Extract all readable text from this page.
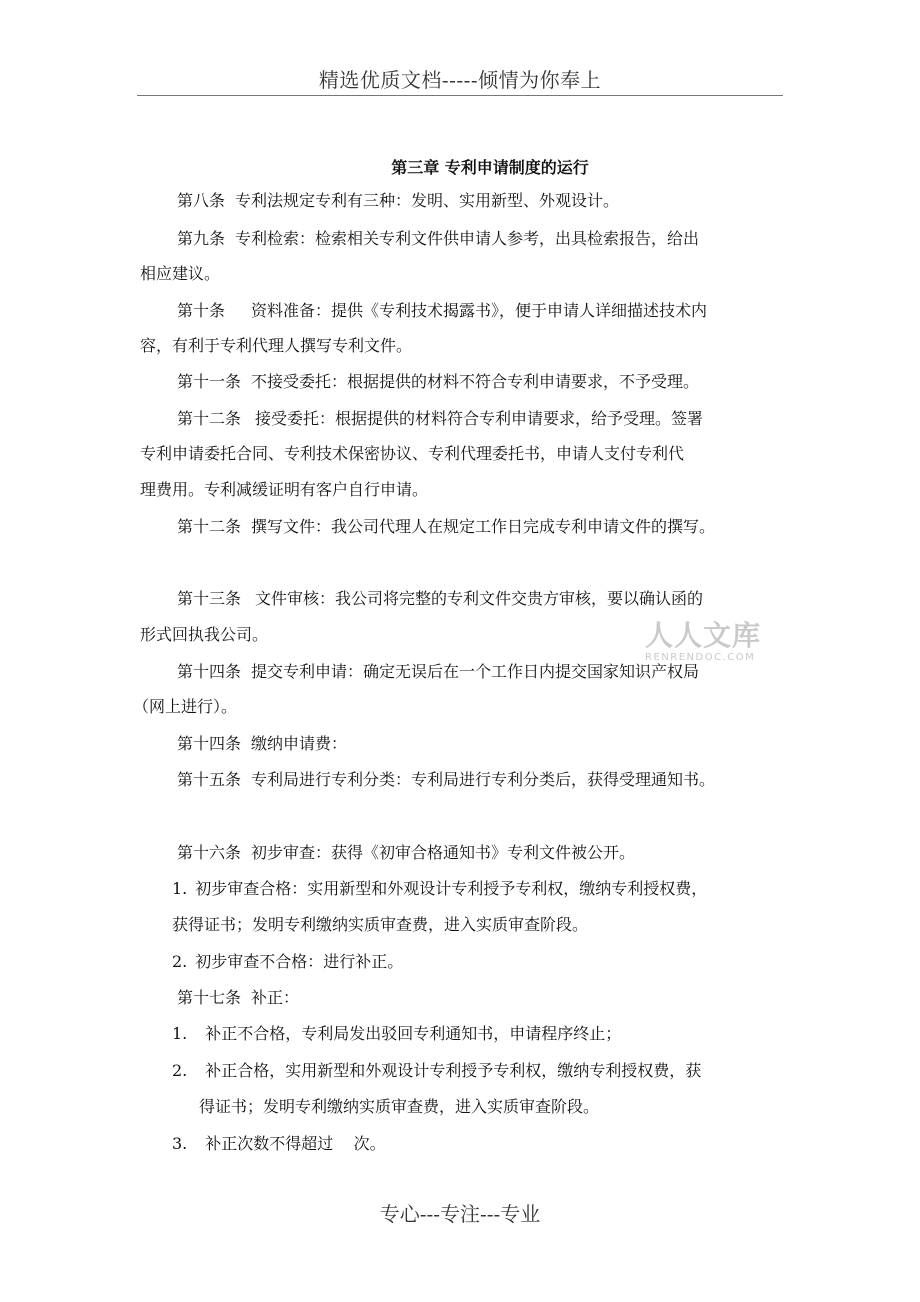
精选优质文档-----倾情为你奉上
第三章 专利申请制度的运行
第八条 专利法规定专利有三种：发明、实用新型、外观设计。
第九条 专利检索：检索相关专利文件供申请人参考，出具检索报告，给出
相应建议。
第十条 资料准备：提供《专利技术揭露书》，便于申请人详细描述技术内
容，有利于专利代理人撰写专利文件。
第十一条 不接受委托：根据提供的材料不符合专利申请要求，不予受理。
第十二条 接受委托：根据提供的材料符合专利申请要求，给予受理。签署
专利申请委托合同、专利技术保密协议、专利代理委托书，申请人支付专利代
理费用。专利减缓证明有客户自行申请。
第十二条 撰写文件：我公司代理人在规定工作日完成专利申请文件的撰写。
第十三条 文件审核：我公司将完整的专利文件交贵方审核，要以确认函的
形式回执我公司。
第十四条 提交专利申请：确定无误后在一个工作日内提交国家知识产权局
（网上进行）。
第十四条 缴纳申请费：
第十五条 专利局进行专利分类：专利局进行专利分类后，获得受理通知书。
第十六条 初步审查：获得《初审合格通知书》专利文件被公开。
1. 初步审查合格：实用新型和外观设计专利授予专利权，缴纳专利授权费，
获得证书；发明专利缴纳实质审查费，进入实质审查阶段。
2. 初步审查不合格：进行补正。
第十七条 补正：
1. 补正不合格，专利局发出驳回专利通知书，申请程序终止；
2. 补正合格，实用新型和外观设计专利授予专利权，缴纳专利授权费，获
得证书；发明专利缴纳实质审查费，进入实质审查阶段。
3. 补正次数不得超过    次。
人人文库
RENRENDOC.COM
专心---专注---专业
